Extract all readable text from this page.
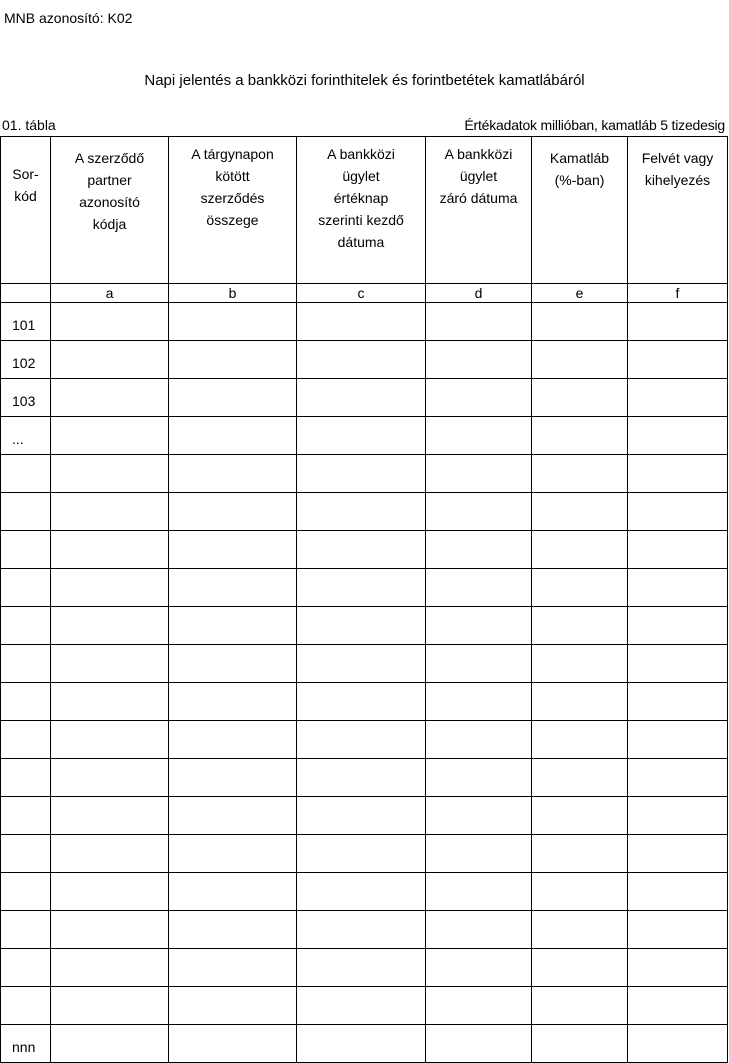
MNB azonosító: K02
Napi jelentés a bankközi forinthitelek és forintbetétek kamatlábáról
01. tábla	Értékadatok millióban, kamatláb 5 tizedesig
Sor-
kód	A szerződő
partner
azonosító
kódja	A tárgynapon
kötött
szerződés
összege	A bankközi
ügylet
értéknap
szerinti kezdő
dátuma	A bankközi
ügylet
záró dátuma	Kamatláb
(%-ban)	Felvét vagy
kihelyezés

	a	b	c	d	e	f
101						
102						
103						
...						

nnn						
